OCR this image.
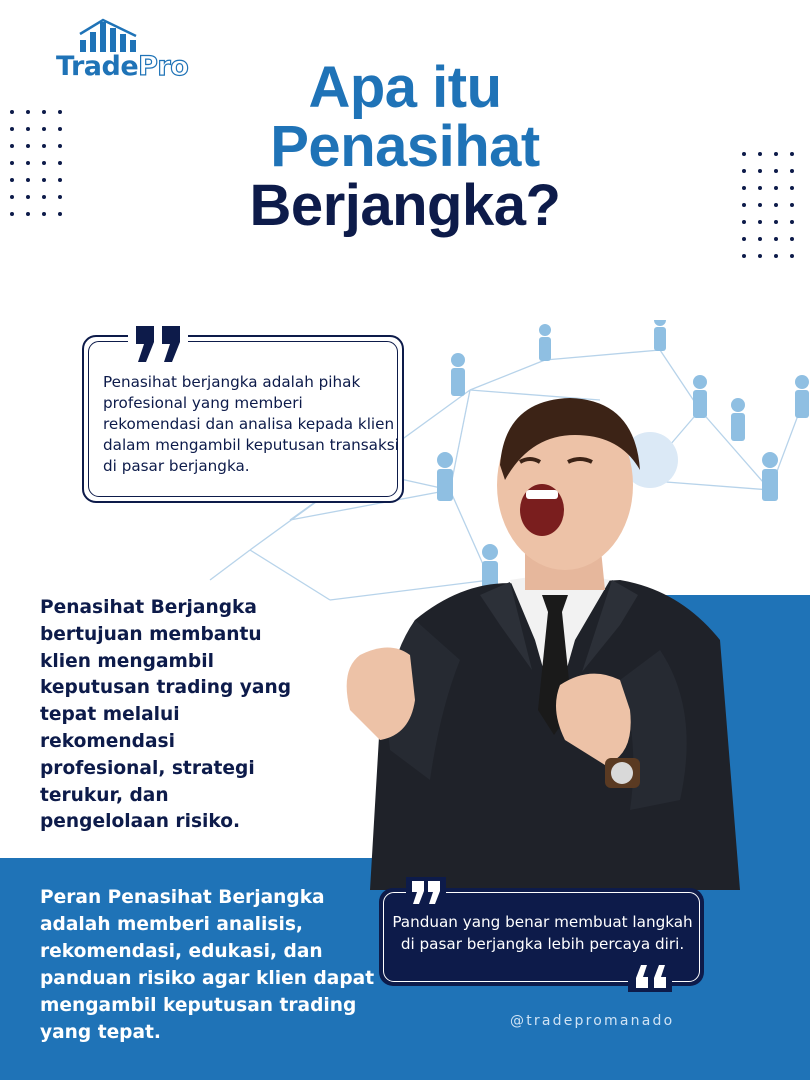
TradePro	Apa itu
Penasihat
Berjangka?

Penasihat berjangka adalah pihak profesional yang memberi rekomendasi dan analisa kepada klien dalam mengambil keputusan transaksi di pasar berjangka.

Penasihat Berjangka bertujuan membantu klien mengambil keputusan trading yang tepat melalui rekomendasi profesional, strategi terukur, dan pengelolaan risiko.

Peran Penasihat Berjangka adalah memberi analisis, rekomendasi, edukasi, dan panduan risiko agar klien dapat mengambil keputusan trading yang tepat.

Panduan yang benar membuat langkah di pasar berjangka lebih percaya diri.

@tradepromanado
